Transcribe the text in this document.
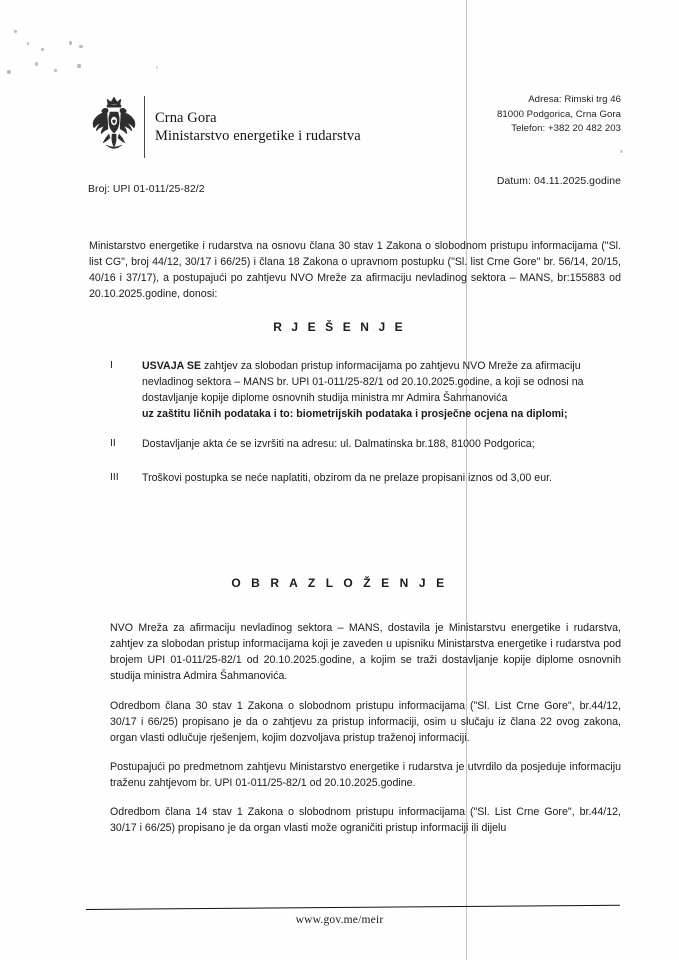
Crna Gora
Ministarstvo energetike i rudarstva
Adresa: Rimski trg 46
81000 Podgorica, Crna Gora
Telefon: +382 20 482 203
Broj: UPI 01-011/25-82/2
Datum: 04.11.2025.godine
Ministarstvo energetike i rudarstva na osnovu člana 30 stav 1 Zakona o slobodnom pristupu informacijama ("Sl. list CG", broj 44/12, 30/17 i 66/25) i člana 18 Zakona o upravnom postupku ("Sl. list Crne Gore" br. 56/14, 20/15, 40/16 i 37/17), a postupajući po zahtjevu NVO Mreže za afirmaciju nevladinog sektora – MANS, br:155883 od 20.10.2025.godine, donosi:
R J E Š E N J E
I	USVAJA SE zahtjev za slobodan pristup informacijama po zahtjevu NVO Mreže za afirmaciju nevladinog sektora – MANS br. UPI 01-011/25-82/1 od 20.10.2025.godine, a koji se odnosi na dostavljanje kopije diplome osnovnih studija ministra mr Admira Šahmanovića
uz zaštitu ličnih podataka i to: biometrijskih podataka i prosječne ocjena na diplomi;
II	Dostavljanje akta će se izvršiti na adresu: ul. Dalmatinska br.188, 81000 Podgorica;
III	Troškovi postupka se neće naplatiti, obzirom da ne prelaze propisani iznos od 3,00 eur.
O B R A Z L O Ž E N J E
NVO Mreža za afirmaciju nevladinog sektora – MANS, dostavila je Ministarstvu energetike i rudarstva, zahtjev za slobodan pristup informacijama koji je zaveden u upisniku Ministarstva energetike i rudarstva pod brojem UPI 01-011/25-82/1 od 20.10.2025.godine, a kojim se traži dostavljanje kopije diplome osnovnih studija ministra Admira Šahmanovića.
Odredbom člana 30 stav 1 Zakona o slobodnom pristupu informacijama ("Sl. List Crne Gore", br.44/12, 30/17 i 66/25) propisano je da o zahtjevu za pristup informaciji, osim u slučaju iz člana 22 ovog zakona, organ vlasti odlučuje rješenjem, kojim dozvoljava pristup traženoj informaciji.
Postupajući po predmetnom zahtjevu Ministarstvo energetike i rudarstva je utvrdilo da posjeduje informaciju traženu zahtjevom br. UPI 01-011/25-82/1 od 20.10.2025.godine.
Odredbom člana 14 stav 1 Zakona o slobodnom pristupu informacijama ("Sl. List Crne Gore", br.44/12, 30/17 i 66/25) propisano je da organ vlasti može ograničiti pristup informaciji ili dijelu
www.gov.me/meir
